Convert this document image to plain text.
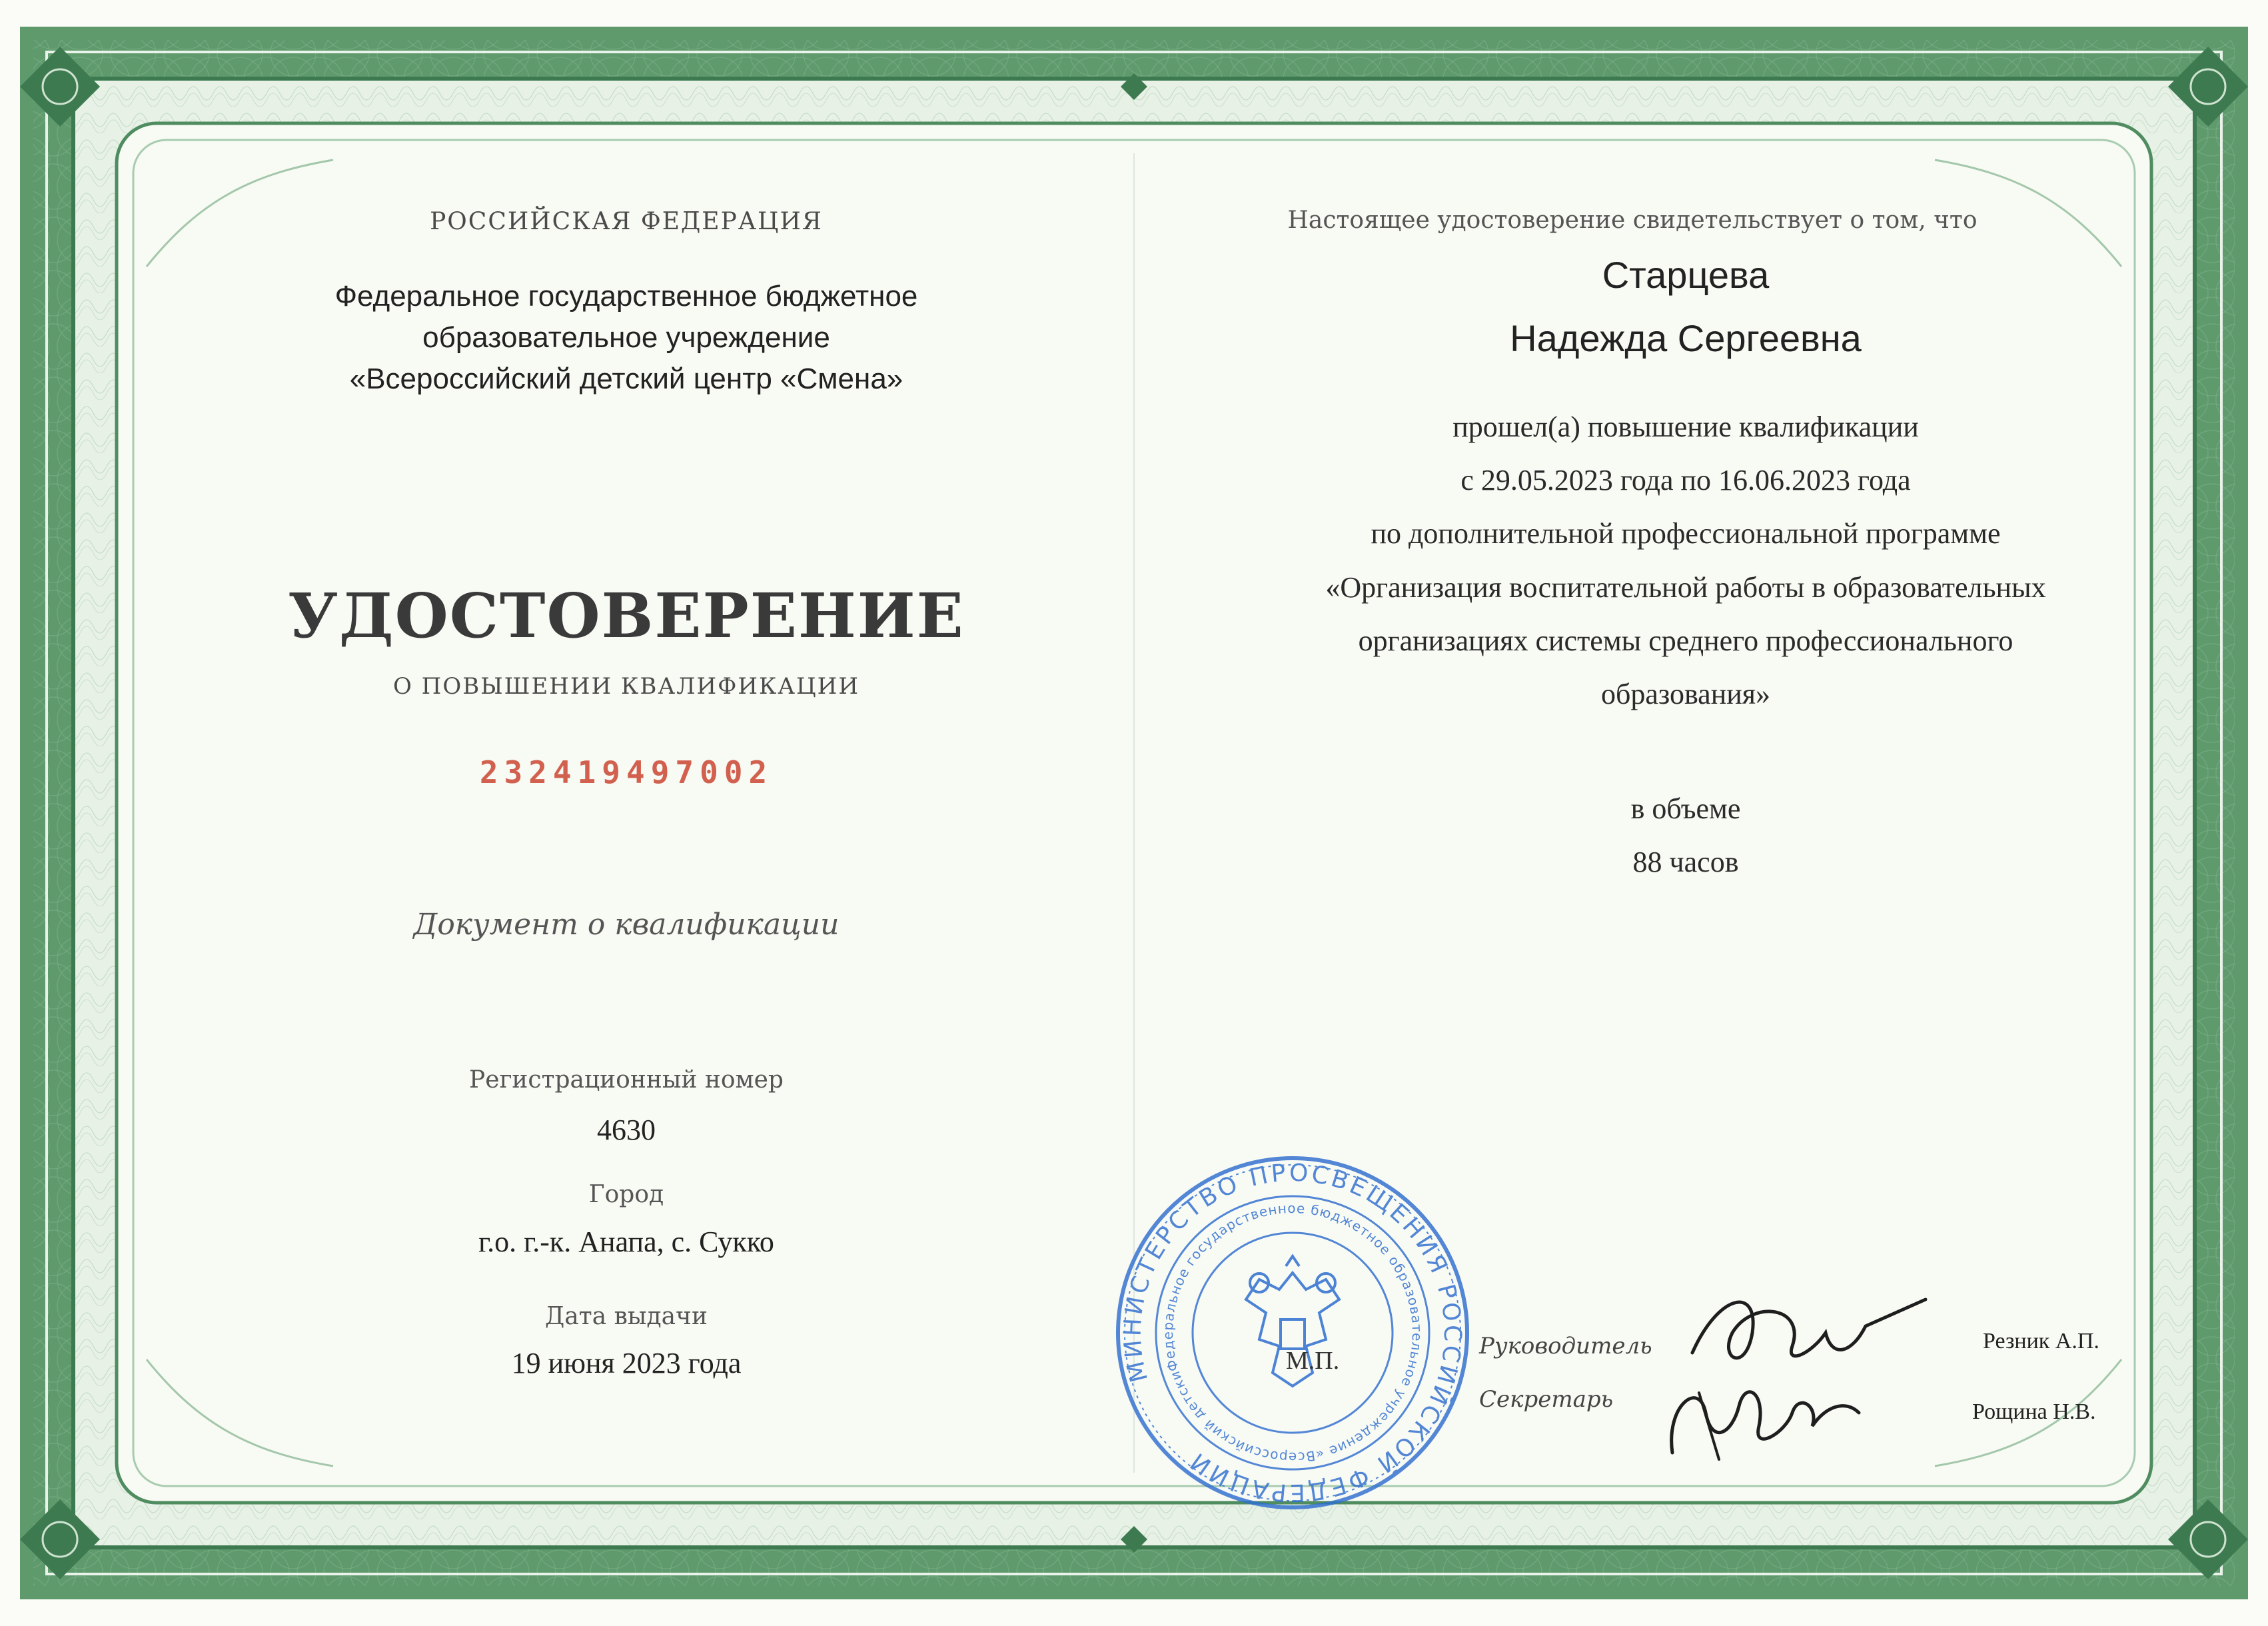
РОССИЙСКАЯ ФЕДЕРАЦИЯ
Федеральное государственное бюджетное
образовательное учреждение
«Всероссийский детский центр «Смена»
УДОСТОВЕРЕНИЕ
О ПОВЫШЕНИИ КВАЛИФИКАЦИИ
232419497002
Документ о квалификации
Регистрационный номер
4630
Город
г.о. г.-к. Анапа, с. Сукко
Дата выдачи
19 июня 2023 года
Настоящее удостоверение свидетельствует о том, что
Старцева
Надежда Сергеевна
прошел(а) повышение квалификации
с 29.05.2023 года по 16.06.2023 года
по дополнительной профессиональной программе
«Организация воспитательной работы в образовательных
организациях системы среднего профессионального
образования»
в объеме
88 часов
МИНИСТЕРСТВО ПРОСВЕЩЕНИЯ РОССИЙСКОЙ ФЕДЕРАЦИИ
Федеральное государственное бюджетное образовательное учреждение «Всероссийский детский
М.П.
Руководитель	Резник А.П.
Секретарь	Рощина Н.В.
